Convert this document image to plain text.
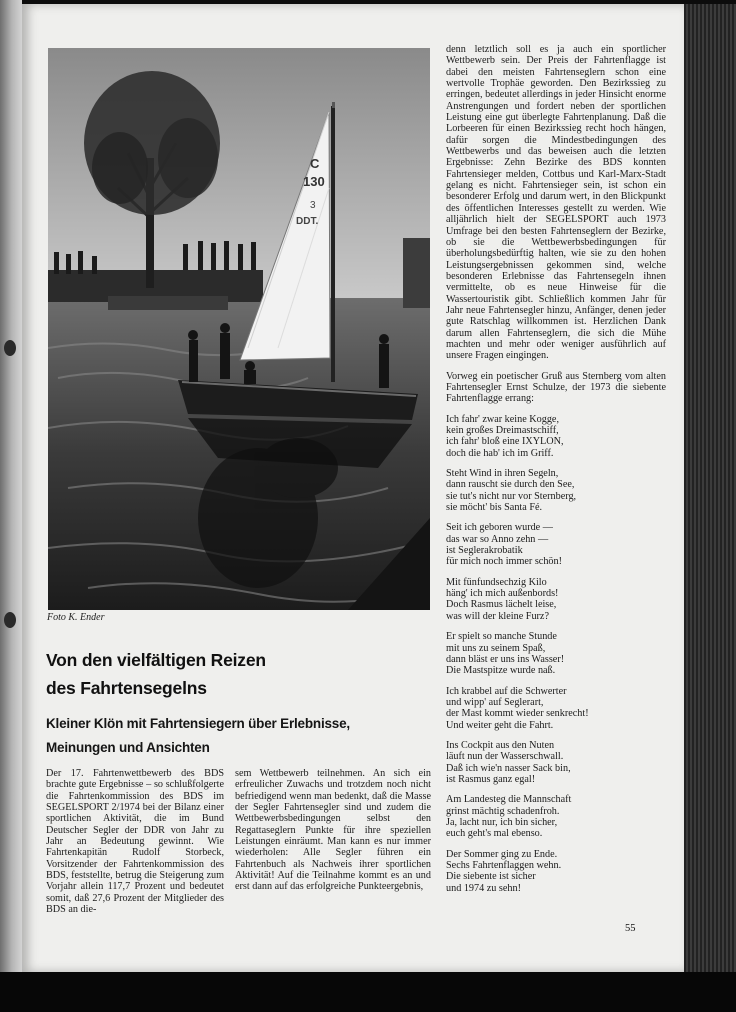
C
130
3
DDT.
Foto K. Ender
Von den vielfältigen Reizen
des Fahrtensegelns
Kleiner Klön mit Fahrtensiegern über Erlebnisse,
Meinungen und Ansichten

Der 17. Fahrtenwettbewerb des BDS brachte gute Ergebnisse – so schlußfolgerte die Fahrtenkommission des BDS im SEGELSPORT 2/1974 bei der Bilanz einer sportlichen Aktivität, die im Bund Deutscher Segler der DDR von Jahr zu Jahr an Bedeutung gewinnt. Wie Fahrtenkapitän Rudolf Storbeck, Vorsitzender der Fahrtenkommission des BDS, feststellte, betrug die Steigerung zum Vorjahr allein 117,7 Prozent und bedeutet somit, daß 27,6 Prozent der Mitglieder des BDS an die-

sem Wettbewerb teilnehmen. An sich ein erfreulicher Zuwachs und trotzdem noch nicht befriedigend wenn man bedenkt, daß die Masse der Segler Fahrtensegler sind und zudem die Wettbewerbsbedingungen selbst den Regattaseglern Punkte für ihre speziellen Leistungen einräumt. Man kann es nur immer wiederholen: Alle Segler führen ein Fahrtenbuch als Nachweis ihrer sportlichen Aktivität! Auf die Teilnahme kommt es an und erst dann auf das erfolgreiche Punkteergebnis,

denn letztlich soll es ja auch ein sportlicher Wettbewerb sein. Der Preis der Fahrtenflagge ist dabei den meisten Fahrtenseglern schon eine wertvolle Trophäe geworden. Den Bezirkssieg zu erringen, bedeutet allerdings in jeder Hinsicht enorme Anstrengungen und fordert neben der sportlichen Leistung eine gut überlegte Fahrtenplanung. Daß die Lorbeeren für einen Bezirkssieg recht hoch hängen, dafür sorgen die Mindestbedingungen des Wettbewerbs und das beweisen auch die letzten Ergebnisse: Zehn Bezirke des BDS konnten Fahrtensieger melden, Cottbus und Karl-Marx-Stadt gelang es nicht. Fahrtensieger sein, ist schon ein besonderer Erfolg und darum wert, in den Blickpunkt des öffentlichen Interesses gestellt zu werden. Wie alljährlich hielt der SEGELSPORT auch 1973 Umfrage bei den besten Fahrtenseglern der Bezirke, ob sie die Wettbewerbsbedingungen für überholungsbedürftig halten, wie sie zu den hohen Leistungsergebnissen gekommen sind, welche besonderen Erlebnisse das Fahrtensegeln ihnen vermittelte, ob es neue Hinweise für die Wassertouristik gibt. Schließlich kommen Jahr für Jahr neue Fahrtensegler hinzu, Anfänger, denen jeder gute Ratschlag willkommen ist. Herzlichen Dank darum allen Fahrtenseglern, die sich die Mühe machten und mehr oder weniger ausführlich auf unsere Fragen eingingen.

Vorweg ein poetischer Gruß aus Sternberg vom alten Fahrtensegler Ernst Schulze, der 1973 die siebente Fahrtenflagge errang:

Ich fahr' zwar keine Kogge,
kein großes Dreimastschiff,
ich fahr' bloß eine IXYLON,
doch die hab' ich im Griff.

Steht Wind in ihren Segeln,
dann rauscht sie durch den See,
sie tut's nicht nur vor Sternberg,
sie möcht' bis Santa Fé.

Seit ich geboren wurde —
das war so Anno zehn —
ist Seglerakrobatik
für mich noch immer schön!

Mit fünfundsechzig Kilo
häng' ich mich außenbords!
Doch Rasmus lächelt leise,
was will der kleine Furz?

Er spielt so manche Stunde
mit uns zu seinem Spaß,
dann bläst er uns ins Wasser!
Die Mastspitze wurde naß.

Ich krabbel auf die Schwerter
und wipp' auf Seglerart,
der Mast kommt wieder senkrecht!
Und weiter geht die Fahrt.

Ins Cockpit aus den Nuten
läuft nun der Wasserschwall.
Daß ich wie'n nasser Sack bin,
ist Rasmus ganz egal!

Am Landesteg die Mannschaft
grinst mächtig schadenfroh.
Ja, lacht nur, ich bin sicher,
euch geht's mal ebenso.

Der Sommer ging zu Ende.
Sechs Fahrtenflaggen wehn.
Die siebente ist sicher
und 1974 zu sehn!

55
